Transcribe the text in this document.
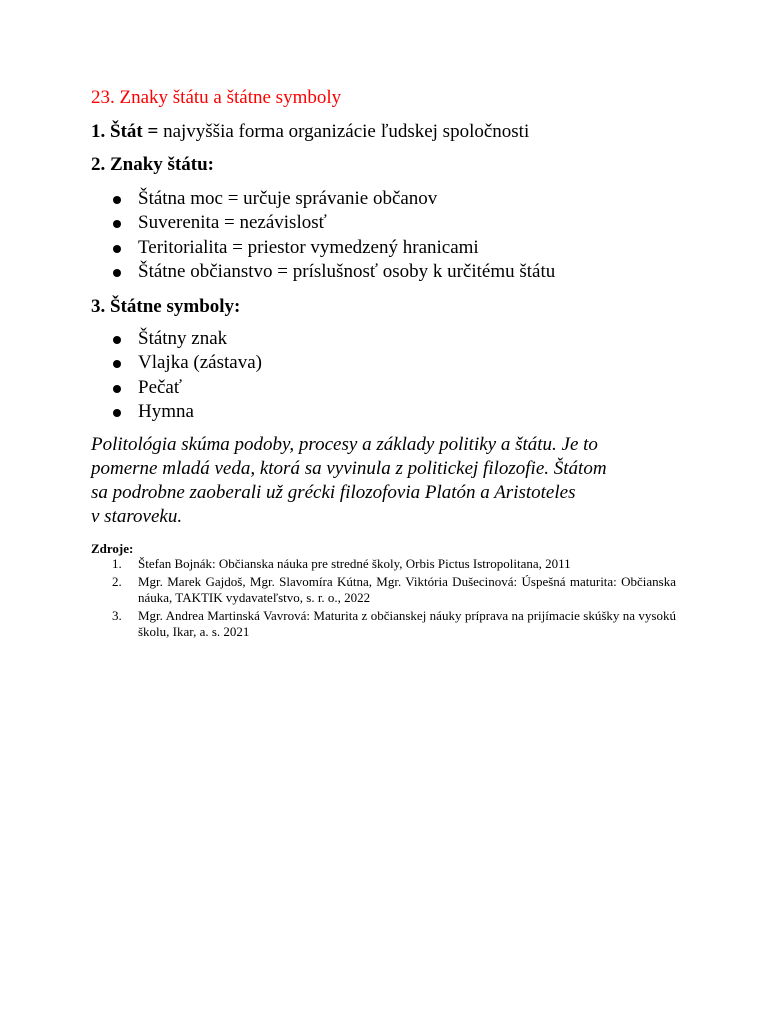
23. Znaky štátu a štátne symboly

1. Štát = najvyššia forma organizácie ľudskej spoločnosti

2. Znaky štátu:
Štátna moc = určuje správanie občanov
Suverenita = nezávislosť
Teritorialita = priestor vymedzený hranicami
Štátne občianstvo = príslušnosť osoby k určitému štátu
3. Štátne symboly:
Štátny znak
Vlajka (zástava)
Pečať
Hymna

Politológia skúma podoby, procesy a základy politiky a štátu. Je to
pomerne mladá veda, ktorá sa vyvinula z politickej filozofie. Štátom
sa podrobne zaoberali už grécki filozofovia Platón a Aristoteles
v staroveku.

Zdroje:

1. Štefan Bojnák: Občianska náuka pre stredné školy, Orbis Pictus Istropolitana, 2011
2. Mgr. Marek Gajdoš, Mgr. Slavomíra Kútna, Mgr. Viktória Dušecinová: Úspešná maturita: Občianska náuka, TAKTIK vydavateľstvo, s. r. o., 2022
3. Mgr. Andrea Martinská Vavrová: Maturita z občianskej náuky príprava na prijímacie skúšky na vysokú školu, Ikar, a. s. 2021
